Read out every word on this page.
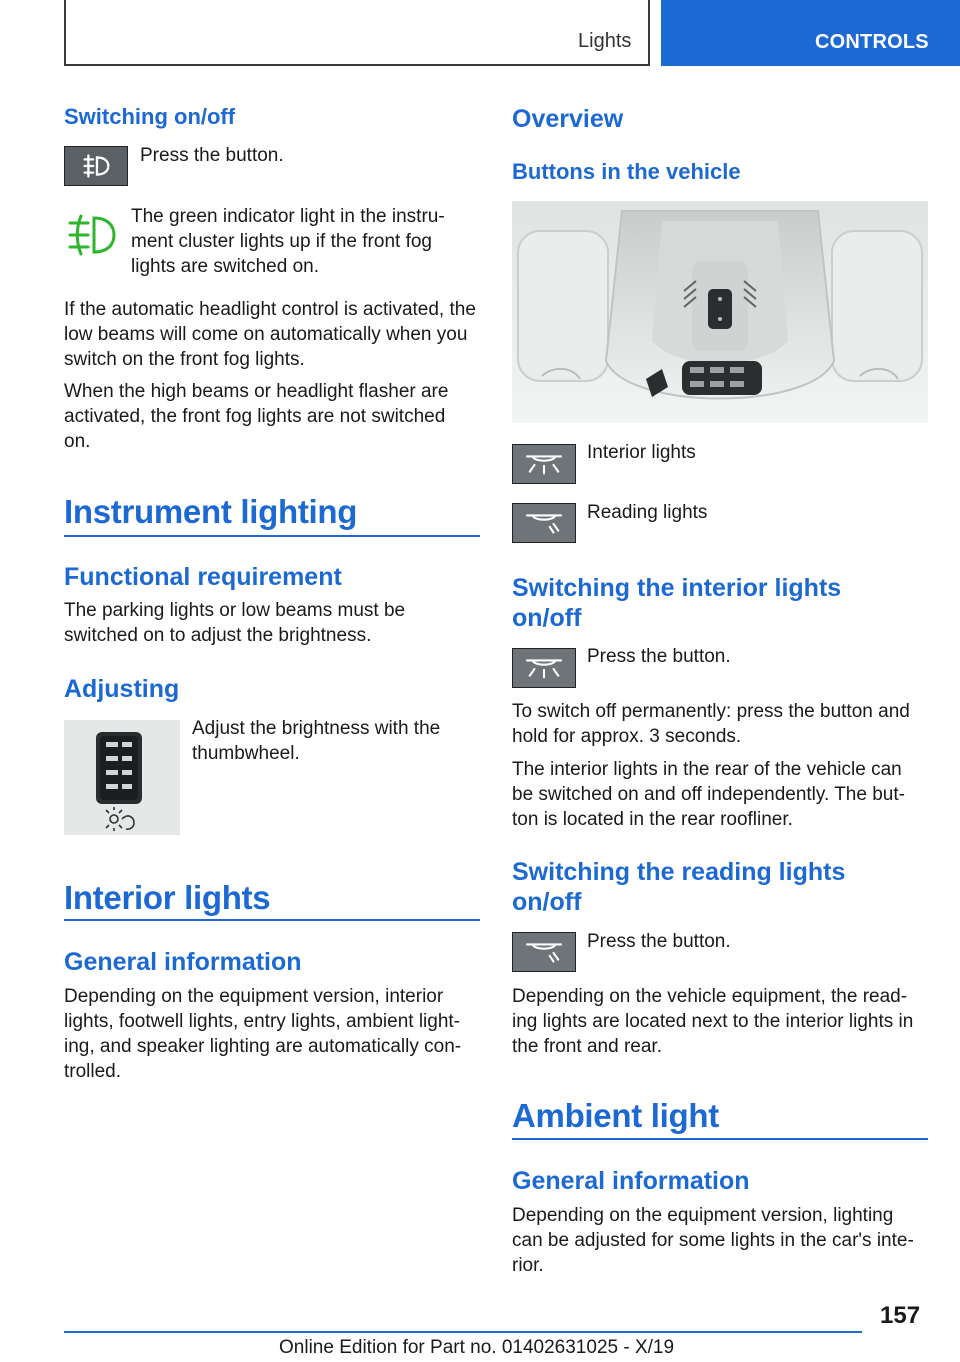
Lights	CONTROLS
Switching on/off
Press the button.
The green indicator light in the instru-
ment cluster lights up if the front fog
lights are switched on.
If the automatic headlight control is activated, the
low beams will come on automatically when you
switch on the front fog lights.
When the high beams or headlight flasher are
activated, the front fog lights are not switched
on.
Instrument lighting
Functional requirement
The parking lights or low beams must be
switched on to adjust the brightness.
Adjusting
Adjust the brightness with the
thumbwheel.
Interior lights
General information
Depending on the equipment version, interior
lights, footwell lights, entry lights, ambient light-
ing, and speaker lighting are automatically con-
trolled.
Overview
Buttons in the vehicle
Interior lights
Reading lights
Switching the interior lights
on/off
Press the button.
To switch off permanently: press the button and
hold for approx. 3 seconds.
The interior lights in the rear of the vehicle can
be switched on and off independently. The but-
ton is located in the rear roofliner.
Switching the reading lights
on/off
Press the button.
Depending on the vehicle equipment, the read-
ing lights are located next to the interior lights in
the front and rear.
Ambient light
General information
Depending on the equipment version, lighting
can be adjusted for some lights in the car's inte-
rior.
157
Online Edition for Part no. 01402631025 - X/19
